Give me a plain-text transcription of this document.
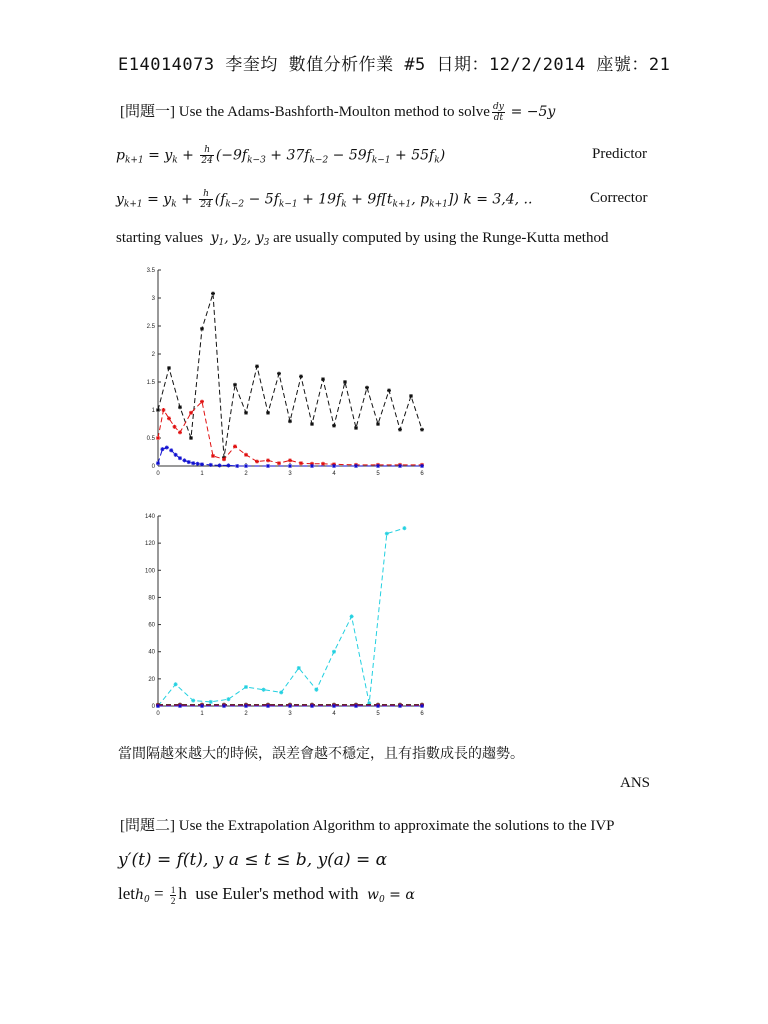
E14014073 李奎均 數值分析作業 #5 日期：12/2/2014 座號：21
[問題一] Use the Adams-Bashforth-Moulton method to solve $\frac{dy}{dt} = -5y$
$p_{k+1} = y_k + \frac{h}{24} (-9f_{k-3} + 37f_{k-2} - 59f_{k-1} + 55f_k)$	Predictor
$y_{k+1} = y_k + \frac{h}{24} (f_{k-2} - 5f_{k-1} + 19f_k + 9f[t_{k+1}$, $p_{k+1}$]) k = 3,4, ..	Corrector
starting values $y_1$, $y_2$, $y_3$ are usually computed by using the Runge-Kutta method
0
0.5
1
1.5
2
2.5
3
3.5
0	1	2	3	4	5	6
0
20
40
60
80
100
120
140
0	1	2	3	4	5	6
當間隔越來越大的時候，誤差會越不穩定，且有指數成長的趨勢。
ANS
[問題二] Use the Extrapolation Algorithm to approximate the solutions to the IVP
y′(t) = f(t), y a ≤ t ≤ b, y(a) = α
leth$_0$ = $\frac{1}{2}$ h use Euler's method with $w_0 = \alpha$
